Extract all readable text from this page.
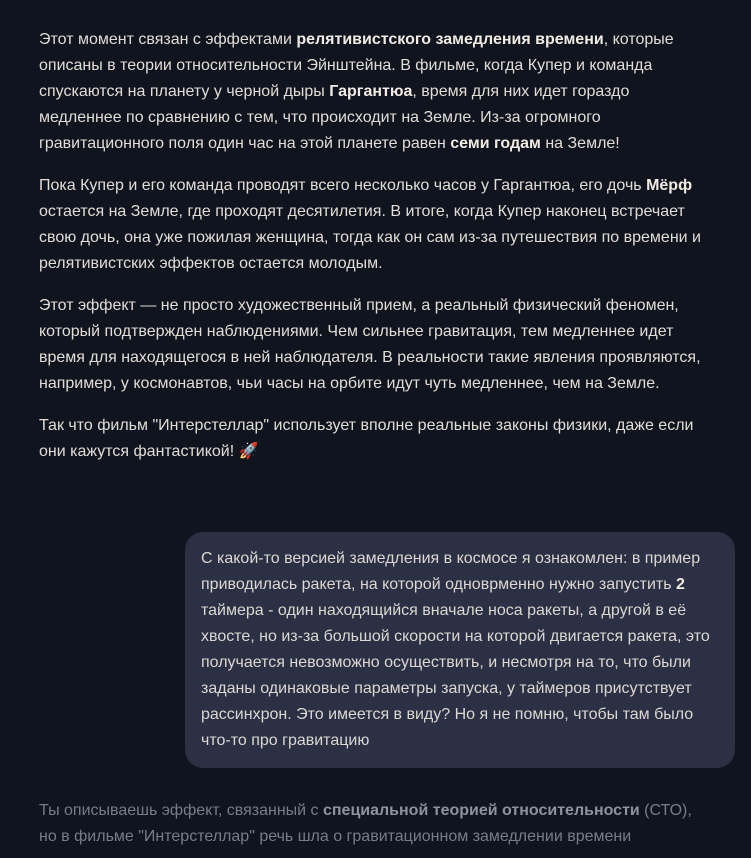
Этот момент связан с эффектами релятивистского замедления времени, которые описаны в теории относительности Эйнштейна. В фильме, когда Купер и команда спускаются на планету у черной дыры Гаргантюа, время для них идет гораздо медленнее по сравнению с тем, что происходит на Земле. Из-за огромного гравитационного поля один час на этой планете равен семи годам на Земле!

Пока Купер и его команда проводят всего несколько часов у Гаргантюа, его дочь Мёрф остается на Земле, где проходят десятилетия. В итоге, когда Купер наконец встречает свою дочь, она уже пожилая женщина, тогда как он сам из-за путешествия по времени и релятивистских эффектов остается молодым.

Этот эффект — не просто художественный прием, а реальный физический феномен, который подтвержден наблюдениями. Чем сильнее гравитация, тем медленнее идет время для находящегося в ней наблюдателя. В реальности такие явления проявляются, например, у космонавтов, чьи часы на орбите идут чуть медленнее, чем на Земле.

Так что фильм "Интерстеллар" использует вполне реальные законы физики, даже если они кажутся фантастикой! 🚀

С какой-то версией замедления в космосе я ознакомлен: в пример приводилась ракета, на которой одноврменно нужно запустить 2 таймера - один находящийся вначале носа ракеты, а другой в её хвосте, но из-за большой скорости на которой двигается ракета, это получается невозможно осуществить, и несмотря на то, что были заданы одинаковые параметры запуска, у таймеров присутствует рассинхрон. Это имеется в виду? Но я не помню, чтобы там было что-то про гравитацию

Ты описываешь эффект, связанный с специальной теорией относительности (СТО), но в фильме "Интерстеллар" речь шла о гравитационном замедлении времени
